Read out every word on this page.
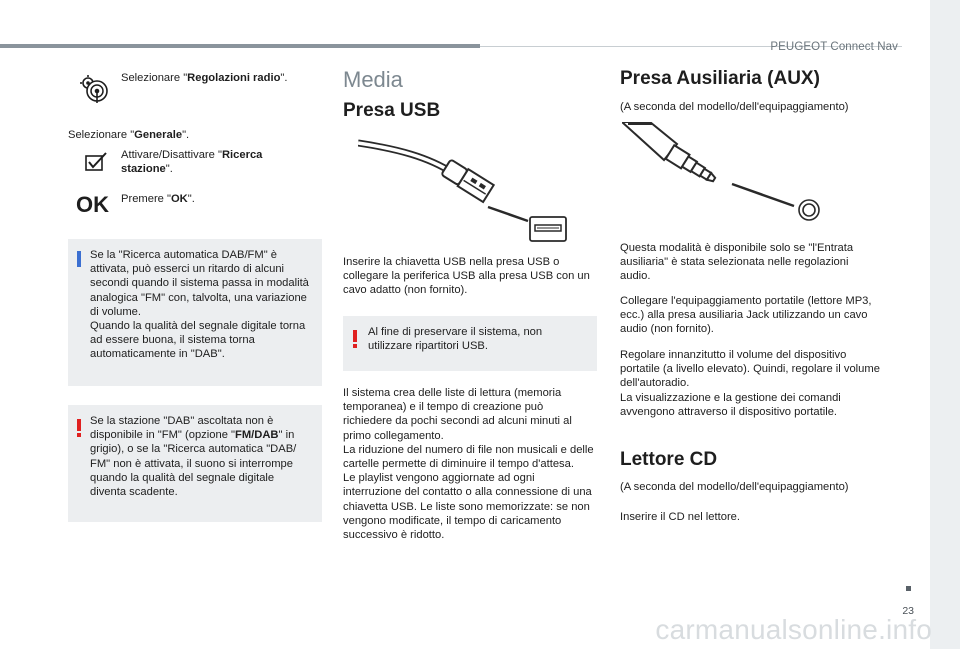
PEUGEOT Connect Nav
Selezionare "Regolazioni radio".
Selezionare "Generale".
Attivare/Disattivare "Ricerca stazione".
OK Premere "OK".

Se la "Ricerca automatica DAB/FM" è attivata, può esserci un ritardo di alcuni secondi quando il sistema passa in modalità analogica "FM" con, talvolta, una variazione di volume.

Quando la qualità del segnale digitale torna ad essere buona, il sistema torna automaticamente in "DAB".

Se la stazione "DAB" ascoltata non è disponibile in "FM" (opzione "FM/DAB" in grigio), o se la "Ricerca automatica "DAB/ FM" non è attivata, il suono si interrompe quando la qualità del segnale digitale diventa scadente.

Media
Presa USB
Inserire la chiavetta USB nella presa USB o collegare la periferica USB alla presa USB con un cavo adatto (non fornito).

Al fine di preservare il sistema, non utilizzare ripartitori USB.

Il sistema crea delle liste di lettura (memoria temporanea) e il tempo di creazione può richiedere da pochi secondi ad alcuni minuti al primo collegamento.

La riduzione del numero di file non musicali e delle cartelle permette di diminuire il tempo d'attesa.

Le playlist vengono aggiornate ad ogni interruzione del contatto o alla connessione di una chiavetta USB. Le liste sono memorizzate: se non vengono modificate, il tempo di caricamento successivo è ridotto.

Presa Ausiliaria (AUX)
(A seconda del modello/dell'equipaggiamento)
Questa modalità è disponibile solo se "l'Entrata ausiliaria" è stata selezionata nelle regolazioni audio.
Collegare l'equipaggiamento portatile (lettore MP3, ecc.) alla presa ausiliaria Jack utilizzando un cavo audio (non fornito).

Regolare innanzitutto il volume del dispositivo portatile (a livello elevato). Quindi, regolare il volume dell'autoradio.

La visualizzazione e la gestione dei comandi avvengono attraverso il dispositivo portatile.

Lettore CD
(A seconda del modello/dell'equipaggiamento)
Inserire il CD nel lettore.
23
carmanualsonline.info
